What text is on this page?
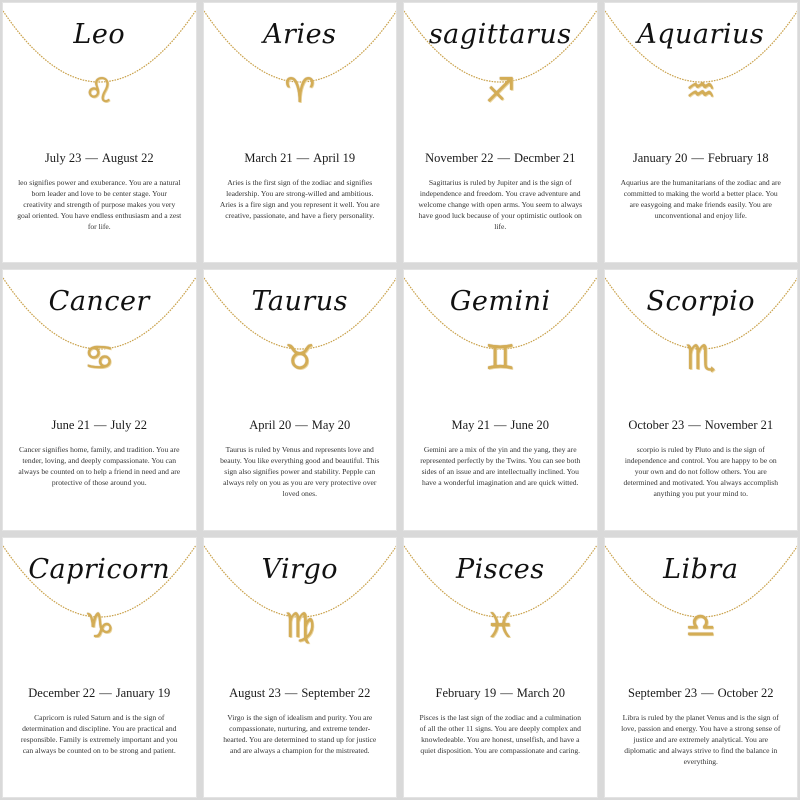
Leo
♌
July 23 — August 22
leo signifies power and exuberance. You are a natural born leader and love to be center stage. Your creativity and strength of purpose makes you very goal oriented. You have endless enthusiasm and a zest for life.
Aries
♈
March 21 — April 19
Aries is the first sign of the zodiac and signifies leadership. You are strong-willed and ambitious. Aries is a fire sign and you represent it well. You are creative, passionate, and have a fiery personality.
sagittarus
♐
November 22 — Decmber 21
Sagittarius is ruled by Jupiter and is the sign of independence and freedom. You crave adventure and welcome change with open arms. You seem to always have good luck because of your optimistic outlook on life.
Aquarius
♒
January 20 — February 18
Aquarius are the humanitarians of the zodiac and are committed to making the world a better place. You are easygoing and make friends easily. You are unconventional and enjoy life.
Cancer
♋
June 21 — July 22
Cancer signifies home, family, and tradition. You are tender, loving, and deeply compassionate. You can always be counted on to help a friend in need and are protective of those around you.
Taurus
♉
April 20 — May 20
Taurus is ruled by Venus and represents love and beauty. You like everything good and beautiful. This sign also signifies power and stability. Pepple can always rely on you as you are very protective over loved ones.
Gemini
♊
May 21 — June 20
Gemini are a mix of the yin and the yang, they are represented perfectly by the Twins. You can see both sides of an issue and are intellectually inclined. You have a wonderful imagination and are quick witted.
Scorpio
♏
October 23 — November 21
scorpio is ruled by Pluto and is the sign of independence and control. You are happy to be on your own and do not follow others. You are determined and motivated. You always accomplish anything you put your mind to.
Capricorn
♑
December 22 — January 19
Capricorn is ruled Saturn and is the sign of determination and discipline. You are practical and responsible. Family is extremely important and you can always be counted on to be strong and patient.
Virgo
♍
August 23 — September 22
Virgo is the sign of idealism and purity. You are compassionate, nurturing, and extreme tender-hearted. You are determined to stand up for justice and are always a champion for the mistreated.
Pisces
♓
February 19 — March 20
Pisces is the last sign of the zodiac and a culmination of all the other 11 signs. You are deeply complex and knowledeable. You are honest, unselfish, and have a quiet disposition. You are compassionate and caring.
Libra
♎
September 23 — October 22
Libra is ruled by the planet Venus and is the sign of love, passion and energy. You have a strong sense of justice and are extremely analytical. You are diplomatic and always strive to find the balance in everything.
